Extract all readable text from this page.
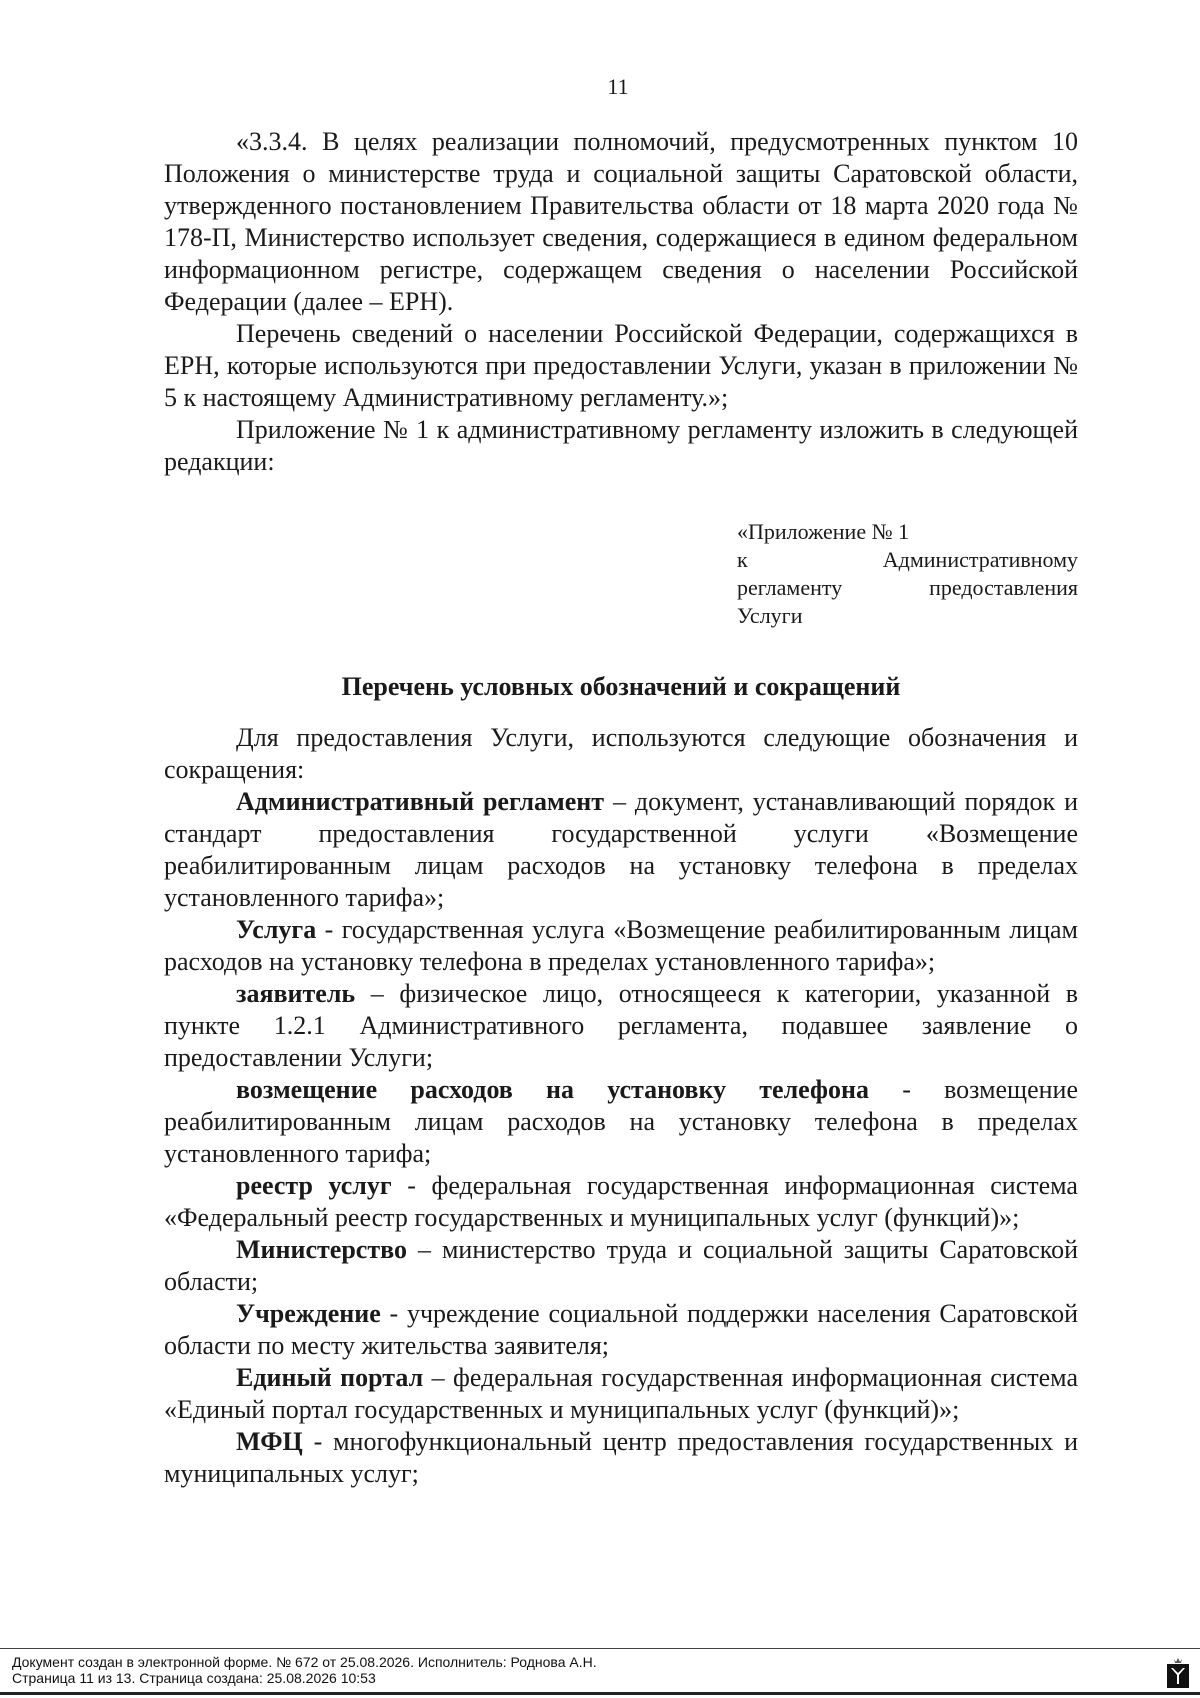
11

«3.3.4. В целях реализации полномочий, предусмотренных пунктом 10 Положения о министерстве труда и социальной защиты Саратовской области, утвержденного постановлением Правительства области от 18 марта 2020 года № 178-П, Министерство использует сведения, содержащиеся в едином федеральном информационном регистре, содержащем сведения о населении Российской Федерации (далее – ЕРН).

Перечень сведений о населении Российской Федерации, содержащихся в ЕРН, которые используются при предоставлении Услуги, указан в приложении № 5 к настоящему Административному регламенту.»;

Приложение № 1 к административному регламенту изложить в следующей редакции:

«Приложение № 1
к Административному
регламенту предоставления
Услуги
Перечень условных обозначений и сокращений

Для предоставления Услуги, используются следующие обозначения и сокращения:

Административный регламент – документ, устанавливающий порядок и стандарт предоставления государственной услуги «Возмещение реабилитированным лицам расходов на установку телефона в пределах установленного тарифа»;

Услуга - государственная услуга «Возмещение реабилитированным лицам расходов на установку телефона в пределах установленного тарифа»;

заявитель – физическое лицо, относящееся к категории, указанной в пункте 1.2.1 Административного регламента, подавшее заявление о предоставлении Услуги;

возмещение расходов на установку телефона - возмещение реабилитированным лицам расходов на установку телефона в пределах установленного тарифа;

реестр услуг - федеральная государственная информационная система «Федеральный реестр государственных и муниципальных услуг (функций)»;

Министерство – министерство труда и социальной защиты Саратовской области;

Учреждение - учреждение социальной поддержки населения Саратовской области по месту жительства заявителя;

Единый портал – федеральная государственная информационная система «Единый портал государственных и муниципальных услуг (функций)»;

МФЦ - многофункциональный центр предоставления государственных и муниципальных услуг;

Документ создан в электронной форме. № 672 от 25.08.2026. Исполнитель: Роднова А.Н.
Страница 11 из 13. Страница создана: 25.08.2026 10:53
